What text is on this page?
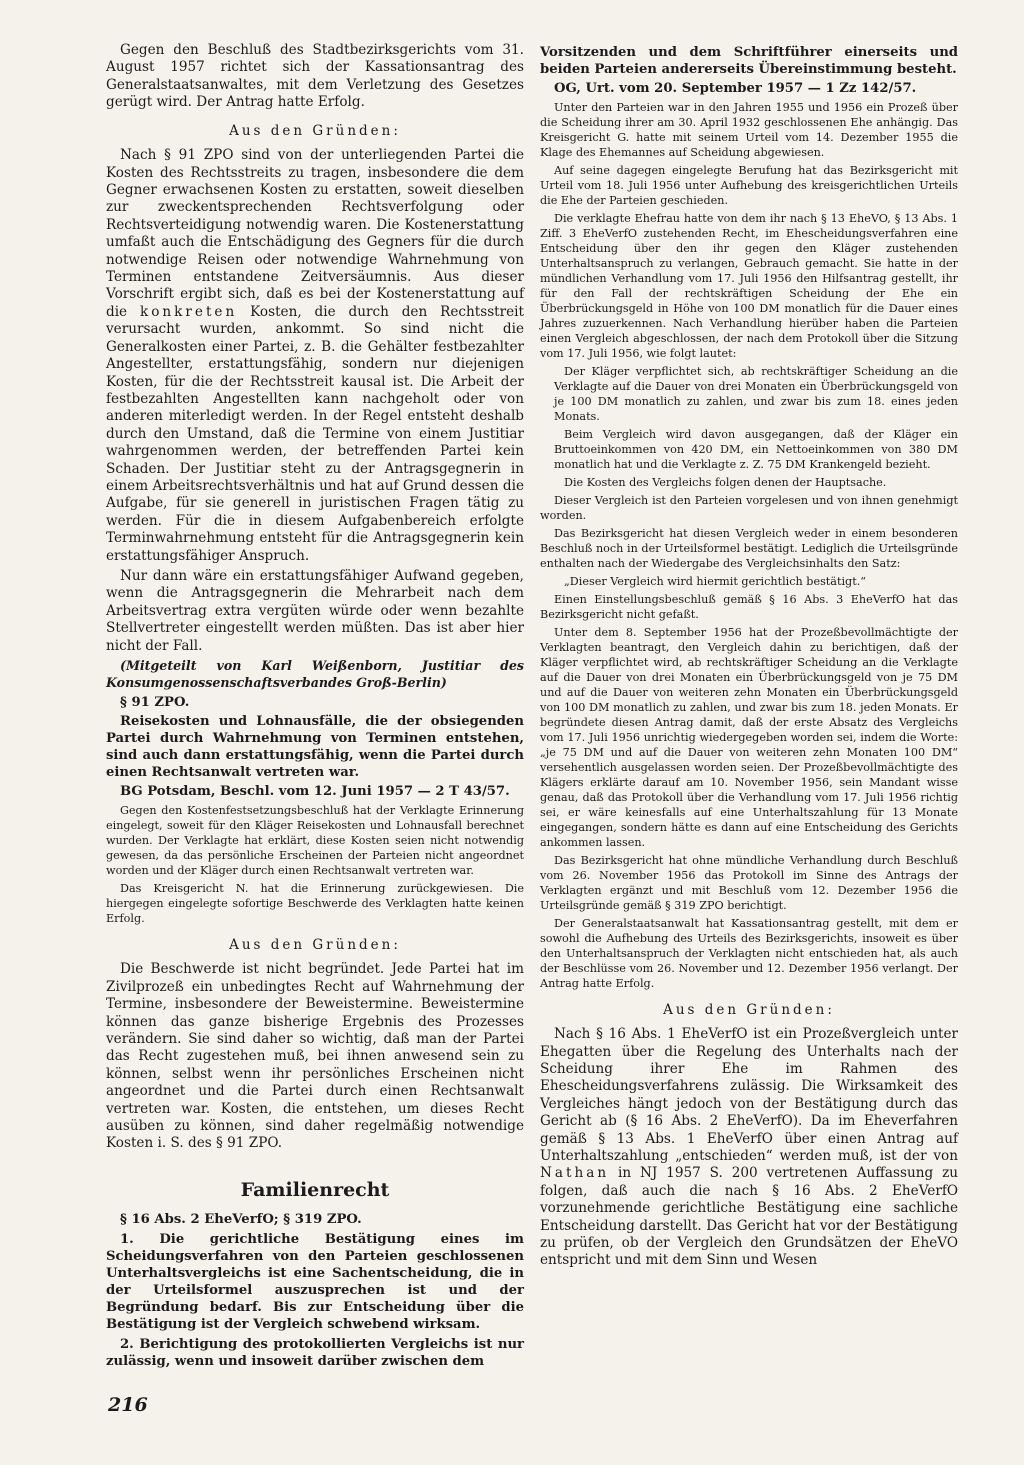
Gegen den Beschluß des Stadtbezirksgerichts vom 31. August 1957 richtet sich der Kassationsantrag des Generalstaatsanwaltes, mit dem Verletzung des Gesetzes gerügt wird. Der Antrag hatte Erfolg.

Aus den Gründen:

Nach § 91 ZPO sind von der unterliegenden Partei die Kosten des Rechtsstreits zu tragen, insbesondere die dem Gegner erwachsenen Kosten zu erstatten, soweit dieselben zur zweckentsprechenden Rechtsverfolgung oder Rechtsverteidigung notwendig waren. Die Kostenerstattung umfaßt auch die Entschädigung des Gegners für die durch notwendige Reisen oder notwendige Wahrnehmung von Terminen entstandene Zeitversäumnis. Aus dieser Vorschrift ergibt sich, daß es bei der Kostenerstattung auf die konkreten Kosten, die durch den Rechtsstreit verursacht wurden, ankommt. So sind nicht die Generalkosten einer Partei, z. B. die Gehälter festbezahlter Angestellter, erstattungsfähig, sondern nur diejenigen Kosten, für die der Rechtsstreit kausal ist. Die Arbeit der festbezahlten Angestellten kann nachgeholt oder von anderen miterledigt werden. In der Regel entsteht deshalb durch den Umstand, daß die Termine von einem Justitiar wahrgenommen werden, der betreffenden Partei kein Schaden. Der Justitiar steht zu der Antragsgegnerin in einem Arbeitsrechtsverhältnis und hat auf Grund dessen die Aufgabe, für sie generell in juristischen Fragen tätig zu werden. Für die in diesem Aufgabenbereich erfolgte Terminwahrnehmung entsteht für die Antragsgegnerin kein erstattungsfähiger Anspruch.

Nur dann wäre ein erstattungsfähiger Aufwand gegeben, wenn die Antragsgegnerin die Mehrarbeit nach dem Arbeitsvertrag extra vergüten würde oder wenn bezahlte Stellvertreter eingestellt werden müßten. Das ist aber hier nicht der Fall.

(Mitgeteilt von Karl Weißenborn, Justitiar des Konsumgenossenschaftsverbandes Groß-Berlin)

§ 91 ZPO.

Reisekosten und Lohnausfälle, die der obsiegenden Partei durch Wahrnehmung von Terminen entstehen, sind auch dann erstattungsfähig, wenn die Partei durch einen Rechtsanwalt vertreten war.

BG Potsdam, Beschl. vom 12. Juni 1957 — 2 T 43/57.

Gegen den Kostenfestsetzungsbeschluß hat der Verklagte Erinnerung eingelegt, soweit für den Kläger Reisekosten und Lohnausfall berechnet wurden. Der Verklagte hat erklärt, diese Kosten seien nicht notwendig gewesen, da das persönliche Erscheinen der Parteien nicht angeordnet worden und der Kläger durch einen Rechtsanwalt vertreten war.

Das Kreisgericht N. hat die Erinnerung zurückgewiesen. Die hiergegen eingelegte sofortige Beschwerde des Verklagten hatte keinen Erfolg.

Aus den Gründen:

Die Beschwerde ist nicht begründet. Jede Partei hat im Zivilprozeß ein unbedingtes Recht auf Wahrnehmung der Termine, insbesondere der Beweistermine. Beweistermine können das ganze bisherige Ergebnis des Prozesses verändern. Sie sind daher so wichtig, daß man der Partei das Recht zugestehen muß, bei ihnen anwesend sein zu können, selbst wenn ihr persönliches Erscheinen nicht angeordnet und die Partei durch einen Rechtsanwalt vertreten war. Kosten, die entstehen, um dieses Recht ausüben zu können, sind daher regelmäßig notwendige Kosten i. S. des § 91 ZPO.

Familienrecht

§ 16 Abs. 2 EheVerfO; § 319 ZPO.

1. Die gerichtliche Bestätigung eines im Scheidungsverfahren von den Parteien geschlossenen Unterhaltsvergleichs ist eine Sachentscheidung, die in der Urteilsformel auszusprechen ist und der Begründung bedarf. Bis zur Entscheidung über die Bestätigung ist der Vergleich schwebend wirksam.

2. Berichtigung des protokollierten Vergleichs ist nur zulässig, wenn und insoweit darüber zwischen dem

Vorsitzenden und dem Schriftführer einerseits und beiden Parteien andererseits Übereinstimmung besteht.

OG, Urt. vom 20. September 1957 — 1 Zz 142/57.

Unter den Parteien war in den Jahren 1955 und 1956 ein Prozeß über die Scheidung ihrer am 30. April 1932 geschlossenen Ehe anhängig. Das Kreisgericht G. hatte mit seinem Urteil vom 14. Dezember 1955 die Klage des Ehemannes auf Scheidung abgewiesen.

Auf seine dagegen eingelegte Berufung hat das Bezirksgericht mit Urteil vom 18. Juli 1956 unter Aufhebung des kreisgerichtlichen Urteils die Ehe der Parteien geschieden.

Die verklagte Ehefrau hatte von dem ihr nach § 13 EheVO, § 13 Abs. 1 Ziff. 3 EheVerfO zustehenden Recht, im Ehescheidungsverfahren eine Entscheidung über den ihr gegen den Kläger zustehenden Unterhaltsanspruch zu verlangen, Gebrauch gemacht. Sie hatte in der mündlichen Verhandlung vom 17. Juli 1956 den Hilfsantrag gestellt, ihr für den Fall der rechtskräftigen Scheidung der Ehe ein Überbrückungsgeld in Höhe von 100 DM monatlich für die Dauer eines Jahres zuzuerkennen. Nach Verhandlung hierüber haben die Parteien einen Vergleich abgeschlossen, der nach dem Protokoll über die Sitzung vom 17. Juli 1956, wie folgt lautet:

Der Kläger verpflichtet sich, ab rechtskräftiger Scheidung an die Verklagte auf die Dauer von drei Monaten ein Überbrückungsgeld von je 100 DM monatlich zu zahlen, und zwar bis zum 18. eines jeden Monats.

Beim Vergleich wird davon ausgegangen, daß der Kläger ein Bruttoeinkommen von 420 DM, ein Nettoeinkommen von 380 DM monatlich hat und die Verklagte z. Z. 75 DM Krankengeld bezieht.

Die Kosten des Vergleichs folgen denen der Hauptsache.

Dieser Vergleich ist den Parteien vorgelesen und von ihnen genehmigt worden.

Das Bezirksgericht hat diesen Vergleich weder in einem besonderen Beschluß noch in der Urteilsformel bestätigt. Lediglich die Urteilsgründe enthalten nach der Wiedergabe des Vergleichsinhalts den Satz:

„Dieser Vergleich wird hiermit gerichtlich bestätigt.“

Einen Einstellungsbeschluß gemäß § 16 Abs. 3 EheVerfO hat das Bezirksgericht nicht gefaßt.

Unter dem 8. September 1956 hat der Prozeßbevollmächtigte der Verklagten beantragt, den Vergleich dahin zu berichtigen, daß der Kläger verpflichtet wird, ab rechtskräftiger Scheidung an die Verklagte auf die Dauer von drei Monaten ein Überbrückungsgeld von je 75 DM und auf die Dauer von weiteren zehn Monaten ein Überbrückungsgeld von 100 DM monatlich zu zahlen, und zwar bis zum 18. jeden Monats. Er begründete diesen Antrag damit, daß der erste Absatz des Vergleichs vom 17. Juli 1956 unrichtig wiedergegeben worden sei, indem die Worte: „je 75 DM und auf die Dauer von weiteren zehn Monaten 100 DM“ versehentlich ausgelassen worden seien. Der Prozeßbevollmächtigte des Klägers erklärte darauf am 10. November 1956, sein Mandant wisse genau, daß das Protokoll über die Verhandlung vom 17. Juli 1956 richtig sei, er wäre keinesfalls auf eine Unterhaltszahlung für 13 Monate eingegangen, sondern hätte es dann auf eine Entscheidung des Gerichts ankommen lassen.

Das Bezirksgericht hat ohne mündliche Verhandlung durch Beschluß vom 26. November 1956 das Protokoll im Sinne des Antrags der Verklagten ergänzt und mit Beschluß vom 12. Dezember 1956 die Urteilsgründe gemäß § 319 ZPO berichtigt.

Der Generalstaatsanwalt hat Kassationsantrag gestellt, mit dem er sowohl die Aufhebung des Urteils des Bezirksgerichts, insoweit es über den Unterhaltsanspruch der Verklagten nicht entschieden hat, als auch der Beschlüsse vom 26. November und 12. Dezember 1956 verlangt. Der Antrag hatte Erfolg.

Aus den Gründen:

Nach § 16 Abs. 1 EheVerfO ist ein Prozeßvergleich unter Ehegatten über die Regelung des Unterhalts nach der Scheidung ihrer Ehe im Rahmen des Ehescheidungsverfahrens zulässig. Die Wirksamkeit des Vergleiches hängt jedoch von der Bestätigung durch das Gericht ab (§ 16 Abs. 2 EheVerfO). Da im Eheverfahren gemäß § 13 Abs. 1 EheVerfO über einen Antrag auf Unterhaltszahlung „entschieden“ werden muß, ist der von Nathan in NJ 1957 S. 200 vertretenen Auffassung zu folgen, daß auch die nach § 16 Abs. 2 EheVerfO vorzunehmende gerichtliche Bestätigung eine sachliche Entscheidung darstellt. Das Gericht hat vor der Bestätigung zu prüfen, ob der Vergleich den Grundsätzen der EheVO entspricht und mit dem Sinn und Wesen

216
